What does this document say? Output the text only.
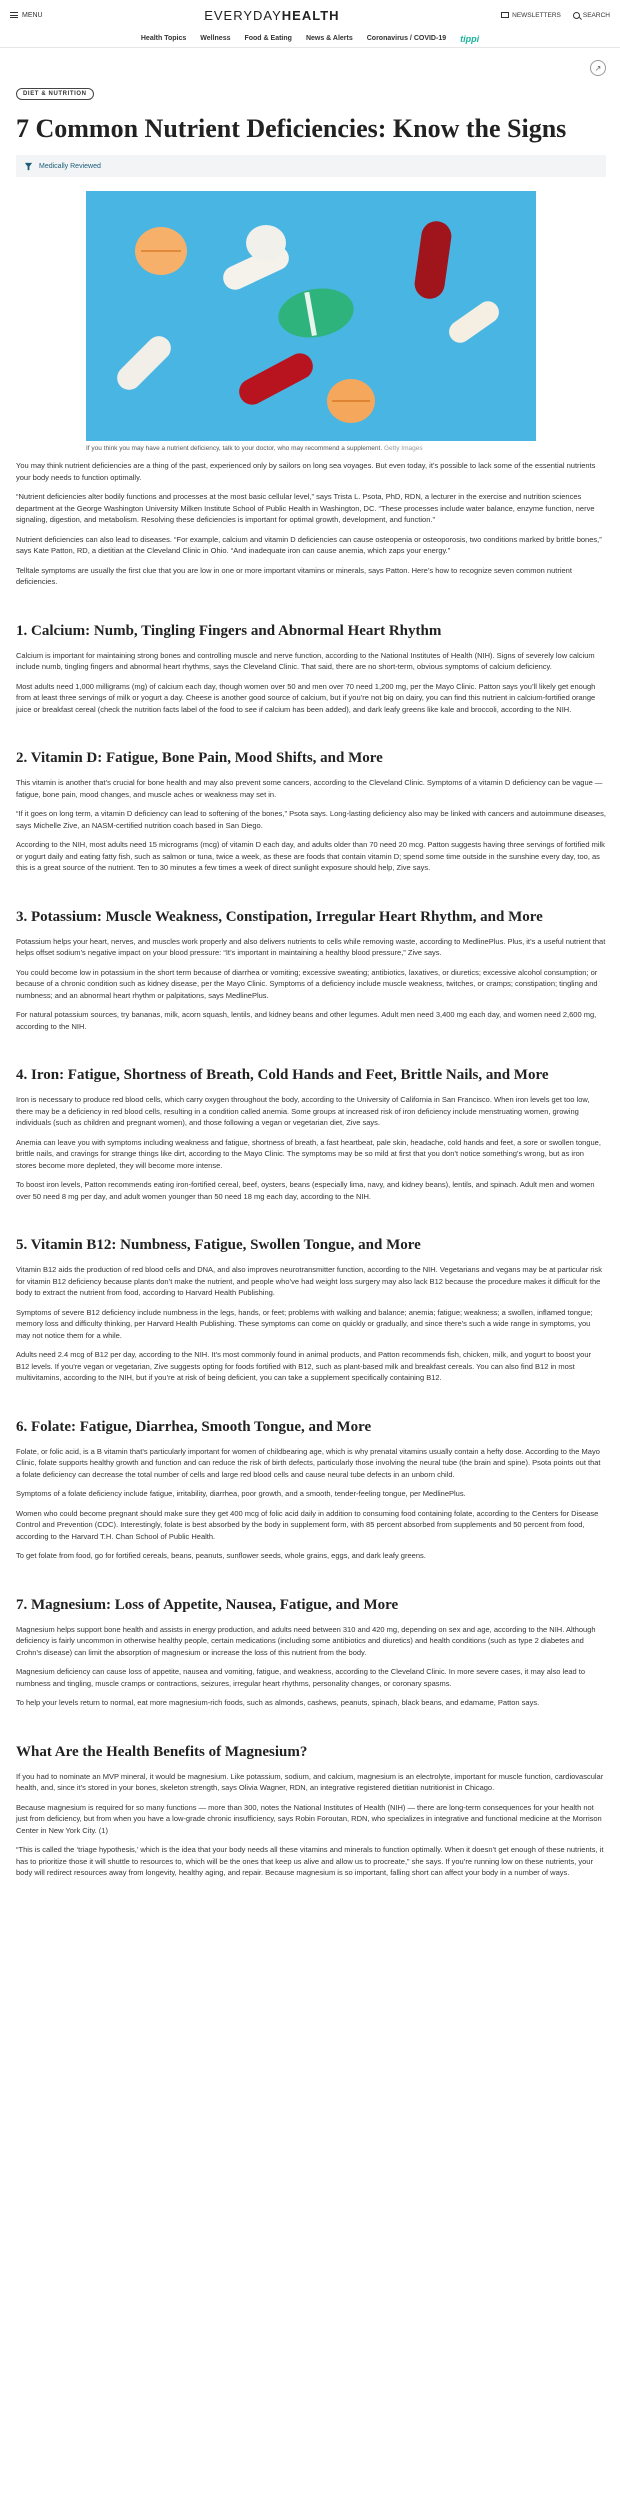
MENU	EVERYDAYHEALTH	NEWSLETTERS	SEARCH
Health Topics Wellness Food & Eating News & Alerts Coronavirus / COVID-19 tippi
↗
DIET & NUTRITION
7 Common Nutrient Deficiencies: Know the Signs
Medically Reviewed
If you think you may have a nutrient deficiency, talk to your doctor, who may recommend a supplement. Getty Images

You may think nutrient deficiencies are a thing of the past, experienced only by sailors on long sea voyages. But even today, it’s possible to lack some of the essential nutrients your body needs to function optimally.

“Nutrient deficiencies alter bodily functions and processes at the most basic cellular level,” says Trista L. Psota, PhD, RDN, a lecturer in the exercise and nutrition sciences department at the George Washington University Milken Institute School of Public Health in Washington, DC. “These processes include water balance, enzyme function, nerve signaling, digestion, and metabolism. Resolving these deficiencies is important for optimal growth, development, and function.”

Nutrient deficiencies can also lead to diseases. “For example, calcium and vitamin D deficiencies can cause osteopenia or osteoporosis, two conditions marked by brittle bones,” says Kate Patton, RD, a dietitian at the Cleveland Clinic in Ohio. “And inadequate iron can cause anemia, which zaps your energy.”

Telltale symptoms are usually the first clue that you are low in one or more important vitamins or minerals, says Patton. Here’s how to recognize seven common nutrient deficiencies.

1. Calcium: Numb, Tingling Fingers and Abnormal Heart Rhythm

Calcium is important for maintaining strong bones and controlling muscle and nerve function, according to the National Institutes of Health (NIH). Signs of severely low calcium include numb, tingling fingers and abnormal heart rhythms, says the Cleveland Clinic. That said, there are no short-term, obvious symptoms of calcium deficiency.

Most adults need 1,000 milligrams (mg) of calcium each day, though women over 50 and men over 70 need 1,200 mg, per the Mayo Clinic. Patton says you’ll likely get enough from at least three servings of milk or yogurt a day. Cheese is another good source of calcium, but if you’re not big on dairy, you can find this nutrient in calcium-fortified orange juice or breakfast cereal (check the nutrition facts label of the food to see if calcium has been added), and dark leafy greens like kale and broccoli, according to the NIH.

2. Vitamin D: Fatigue, Bone Pain, Mood Shifts, and More

This vitamin is another that’s crucial for bone health and may also prevent some cancers, according to the Cleveland Clinic. Symptoms of a vitamin D deficiency can be vague — fatigue, bone pain, mood changes, and muscle aches or weakness may set in.

“If it goes on long term, a vitamin D deficiency can lead to softening of the bones,” Psota says. Long-lasting deficiency also may be linked with cancers and autoimmune diseases, says Michelle Zive, an NASM-certified nutrition coach based in San Diego.

According to the NIH, most adults need 15 micrograms (mcg) of vitamin D each day, and adults older than 70 need 20 mcg. Patton suggests having three servings of fortified milk or yogurt daily and eating fatty fish, such as salmon or tuna, twice a week, as these are foods that contain vitamin D; spend some time outside in the sunshine every day, too, as this is a great source of the nutrient. Ten to 30 minutes a few times a week of direct sunlight exposure should help, Zive says.

3. Potassium: Muscle Weakness, Constipation, Irregular Heart Rhythm, and More

Potassium helps your heart, nerves, and muscles work properly and also delivers nutrients to cells while removing waste, according to MedlinePlus. Plus, it’s a useful nutrient that helps offset sodium’s negative impact on your blood pressure: “It’s important in maintaining a healthy blood pressure,” Zive says.

You could become low in potassium in the short term because of diarrhea or vomiting; excessive sweating; antibiotics, laxatives, or diuretics; excessive alcohol consumption; or because of a chronic condition such as kidney disease, per the Mayo Clinic. Symptoms of a deficiency include muscle weakness, twitches, or cramps; constipation; tingling and numbness; and an abnormal heart rhythm or palpitations, says MedlinePlus.

For natural potassium sources, try bananas, milk, acorn squash, lentils, and kidney beans and other legumes. Adult men need 3,400 mg each day, and women need 2,600 mg, according to the NIH.

4. Iron: Fatigue, Shortness of Breath, Cold Hands and Feet, Brittle Nails, and More

Iron is necessary to produce red blood cells, which carry oxygen throughout the body, according to the University of California in San Francisco. When iron levels get too low, there may be a deficiency in red blood cells, resulting in a condition called anemia. Some groups at increased risk of iron deficiency include menstruating women, growing individuals (such as children and pregnant women), and those following a vegan or vegetarian diet, Zive says.

Anemia can leave you with symptoms including weakness and fatigue, shortness of breath, a fast heartbeat, pale skin, headache, cold hands and feet, a sore or swollen tongue, brittle nails, and cravings for strange things like dirt, according to the Mayo Clinic. The symptoms may be so mild at first that you don’t notice something’s wrong, but as iron stores become more depleted, they will become more intense.

To boost iron levels, Patton recommends eating iron-fortified cereal, beef, oysters, beans (especially lima, navy, and kidney beans), lentils, and spinach. Adult men and women over 50 need 8 mg per day, and adult women younger than 50 need 18 mg each day, according to the NIH.

5. Vitamin B12: Numbness, Fatigue, Swollen Tongue, and More

Vitamin B12 aids the production of red blood cells and DNA, and also improves neurotransmitter function, according to the NIH. Vegetarians and vegans may be at particular risk for vitamin B12 deficiency because plants don’t make the nutrient, and people who’ve had weight loss surgery may also lack B12 because the procedure makes it difficult for the body to extract the nutrient from food, according to Harvard Health Publishing.

Symptoms of severe B12 deficiency include numbness in the legs, hands, or feet; problems with walking and balance; anemia; fatigue; weakness; a swollen, inflamed tongue; memory loss and difficulty thinking, per Harvard Health Publishing. These symptoms can come on quickly or gradually, and since there’s such a wide range in symptoms, you may not notice them for a while.

Adults need 2.4 mcg of B12 per day, according to the NIH. It’s most commonly found in animal products, and Patton recommends fish, chicken, milk, and yogurt to boost your B12 levels. If you’re vegan or vegetarian, Zive suggests opting for foods fortified with B12, such as plant-based milk and breakfast cereals. You can also find B12 in most multivitamins, according to the NIH, but if you’re at risk of being deficient, you can take a supplement specifically containing B12.

6. Folate: Fatigue, Diarrhea, Smooth Tongue, and More

Folate, or folic acid, is a B vitamin that’s particularly important for women of childbearing age, which is why prenatal vitamins usually contain a hefty dose. According to the Mayo Clinic, folate supports healthy growth and function and can reduce the risk of birth defects, particularly those involving the neural tube (the brain and spine). Psota points out that a folate deficiency can decrease the total number of cells and large red blood cells and cause neural tube defects in an unborn child.

Symptoms of a folate deficiency include fatigue, irritability, diarrhea, poor growth, and a smooth, tender-feeling tongue, per MedlinePlus.

Women who could become pregnant should make sure they get 400 mcg of folic acid daily in addition to consuming food containing folate, according to the Centers for Disease Control and Prevention (CDC). Interestingly, folate is best absorbed by the body in supplement form, with 85 percent absorbed from supplements and 50 percent from food, according to the Harvard T.H. Chan School of Public Health.

To get folate from food, go for fortified cereals, beans, peanuts, sunflower seeds, whole grains, eggs, and dark leafy greens.

7. Magnesium: Loss of Appetite, Nausea, Fatigue, and More

Magnesium helps support bone health and assists in energy production, and adults need between 310 and 420 mg, depending on sex and age, according to the NIH. Although deficiency is fairly uncommon in otherwise healthy people, certain medications (including some antibiotics and diuretics) and health conditions (such as type 2 diabetes and Crohn’s disease) can limit the absorption of magnesium or increase the loss of this nutrient from the body.

Magnesium deficiency can cause loss of appetite, nausea and vomiting, fatigue, and weakness, according to the Cleveland Clinic. In more severe cases, it may also lead to numbness and tingling, muscle cramps or contractions, seizures, irregular heart rhythms, personality changes, or coronary spasms.

To help your levels return to normal, eat more magnesium-rich foods, such as almonds, cashews, peanuts, spinach, black beans, and edamame, Patton says.

What Are the Health Benefits of Magnesium?

If you had to nominate an MVP mineral, it would be magnesium. Like potassium, sodium, and calcium, magnesium is an electrolyte, important for muscle function, cardiovascular health, and, since it’s stored in your bones, skeleton strength, says Olivia Wagner, RDN, an integrative registered dietitian nutritionist in Chicago.

Because magnesium is required for so many functions — more than 300, notes the National Institutes of Health (NIH) — there are long-term consequences for your health not just from deficiency, but from when you have a low-grade chronic insufficiency, says Robin Foroutan, RDN, who specializes in integrative and functional medicine at the Morrison Center in New York City. (1)

“This is called the ‘triage hypothesis,’ which is the idea that your body needs all these vitamins and minerals to function optimally. When it doesn’t get enough of these nutrients, it has to prioritize those it will shuttle to resources to, which will be the ones that keep us alive and allow us to procreate,” she says. If you’re running low on these nutrients, your body will redirect resources away from longevity, healthy aging, and repair. Because magnesium is so important, falling short can affect your body in a number of ways.
